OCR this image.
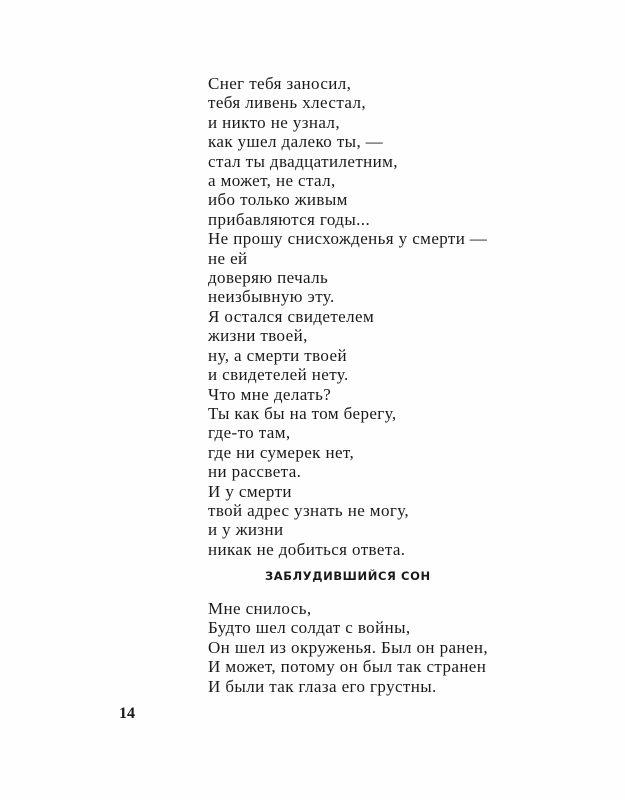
Снег тебя заносил,
тебя ливень хлестал,
и никто не узнал,
как ушел далеко ты, —
стал ты двадцатилетним,
а может, не стал,
ибо только живым
прибавляются годы...
Не прошу снисхожденья у смерти —
не ей
доверяю печаль
неизбывную эту.
Я остался свидетелем
жизни твоей,
ну, а смерти твоей
и свидетелей нету.
Что мне делать?
Ты как бы на том берегу,
где-то там,
где ни сумерек нет,
ни рассвета.
И у смерти
твой адрес узнать не могу,
и у жизни
никак не добиться ответа.
ЗАБЛУДИВШИЙСЯ СОН
Мне снилось,
Будто шел солдат с войны,
Он шел из окруженья. Был он ранен,
И может, потому он был так странен
И были так глаза его грустны.
14
